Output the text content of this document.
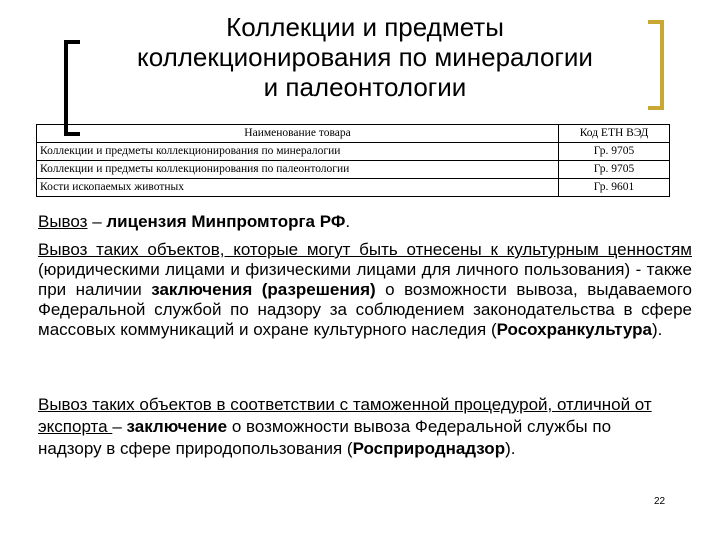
Коллекции и предметы
коллекционирования по минералогии
и палеонтологии
Наименование товара	Код ЕТН ВЭД
Коллекции и предметы коллекционирования по минералогии	Гр. 9705
Коллекции и предметы коллекционирования по палеонтологии	Гр. 9705
Кости ископаемых животных	Гр. 9601
Вывоз – лицензия Минпромторга РФ.
Вывоз таких объектов, которые могут быть отнесены к культурным ценностям (юридическими лицами и физическими лицами для личного пользования) - также при наличии заключения (разрешения) о возможности вывоза, выдаваемого Федеральной службой по надзору за соблюдением законодательства в сфере массовых коммуникаций и охране культурного наследия (Росохранкультура).
Вывоз таких объектов в соответствии с таможенной процедурой, отличной от экспорта – заключение о возможности вывоза Федеральной службы по надзору в сфере природопользования (Росприроднадзор).
22
